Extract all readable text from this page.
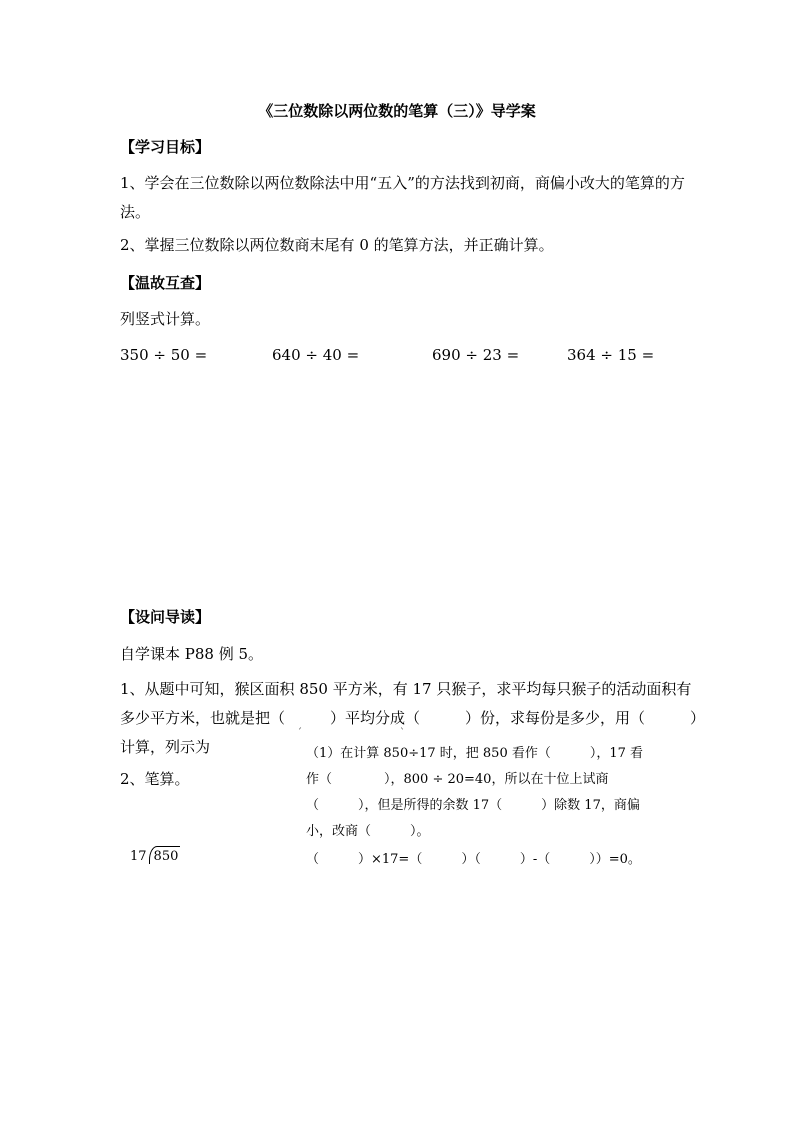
《三位数除以两位数的笔算（三）》导学案
【学习目标】
1、学会在三位数除以两位数除法中用“五入”的方法找到初商，商偏小改大的笔算的方法。
2、掌握三位数除以两位数商末尾有 0 的笔算方法，并正确计算。
【温故互查】
列竖式计算。
350 ÷ 50 =	640 ÷ 40 =	690 ÷ 23 =	364 ÷ 15 =
【设问导读】
自学课本 P88 例 5。
1、从题中可知，猴区面积 850 平方米，有 17 只猴子，求平均每只猴子的活动面积有多少平方米，也就是把（　　　）平均分成（　　　）份，求每份是多少，用（　　　）计算，列示为
ˊ	ˋ
2、笔算。
（1）在计算 850÷17 时，把 850 看作（　　　），17 看
作（　　　　），800 ÷ 20=40，所以在十位上试商
（　　　），但是所得的余数 17（　　　）除数 17，商偏
小，改商（　　　）。
17 850	（　　　）×17=（　　　）（　　　）-（　　　））=0。
